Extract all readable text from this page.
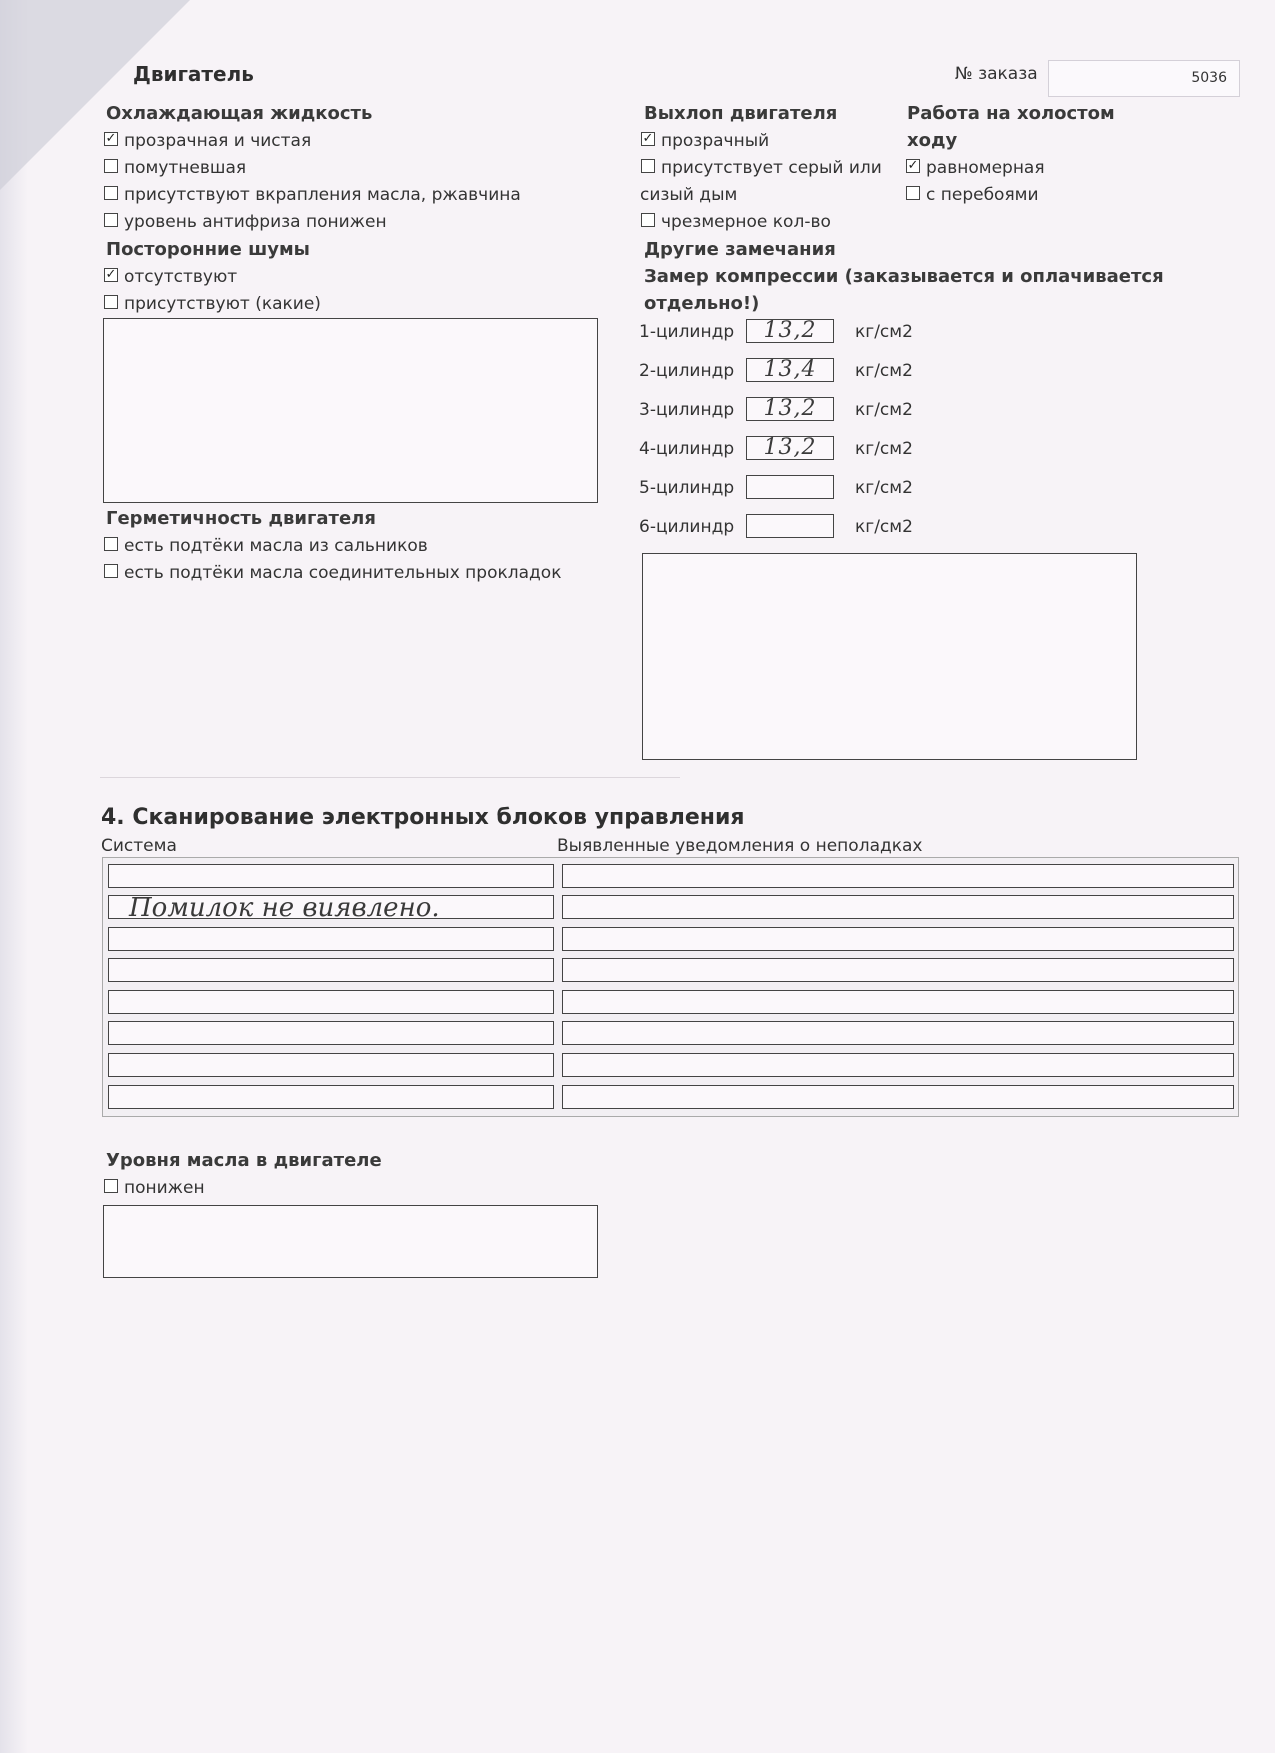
Двигатель	№ заказа	5036
Охлаждающая жидкость
✓ прозрачная и чистая
помутневшая
присутствуют вкрапления масла, ржавчина
уровень антифриза понижен
Посторонние шумы
✓ отсутствуют
присутствуют (какие)
Герметичность двигателя
есть подтёки масла из сальников
есть подтёки масла соединительных прокладок
Выхлоп двигателя
✓ прозрачный
присутствует серый или
сизый дым
чрезмерное кол-во
Работа на холостом
ходу
✓ равномерная
с перебоями
Другие замечания
Замер компрессии (заказывается и оплачивается
отдельно!)
1-цилиндр	13,2	кг/см2
2-цилиндр	13,4	кг/см2
3-цилиндр	13,2	кг/см2
4-цилиндр	13,2	кг/см2
5-цилиндр	кг/см2
6-цилиндр	кг/см2
4. Сканирование электронных блоков управления
Система	Выявленные уведомления о неполадках
Помилок не виявлено.
Уровня масла в двигателе
понижен
